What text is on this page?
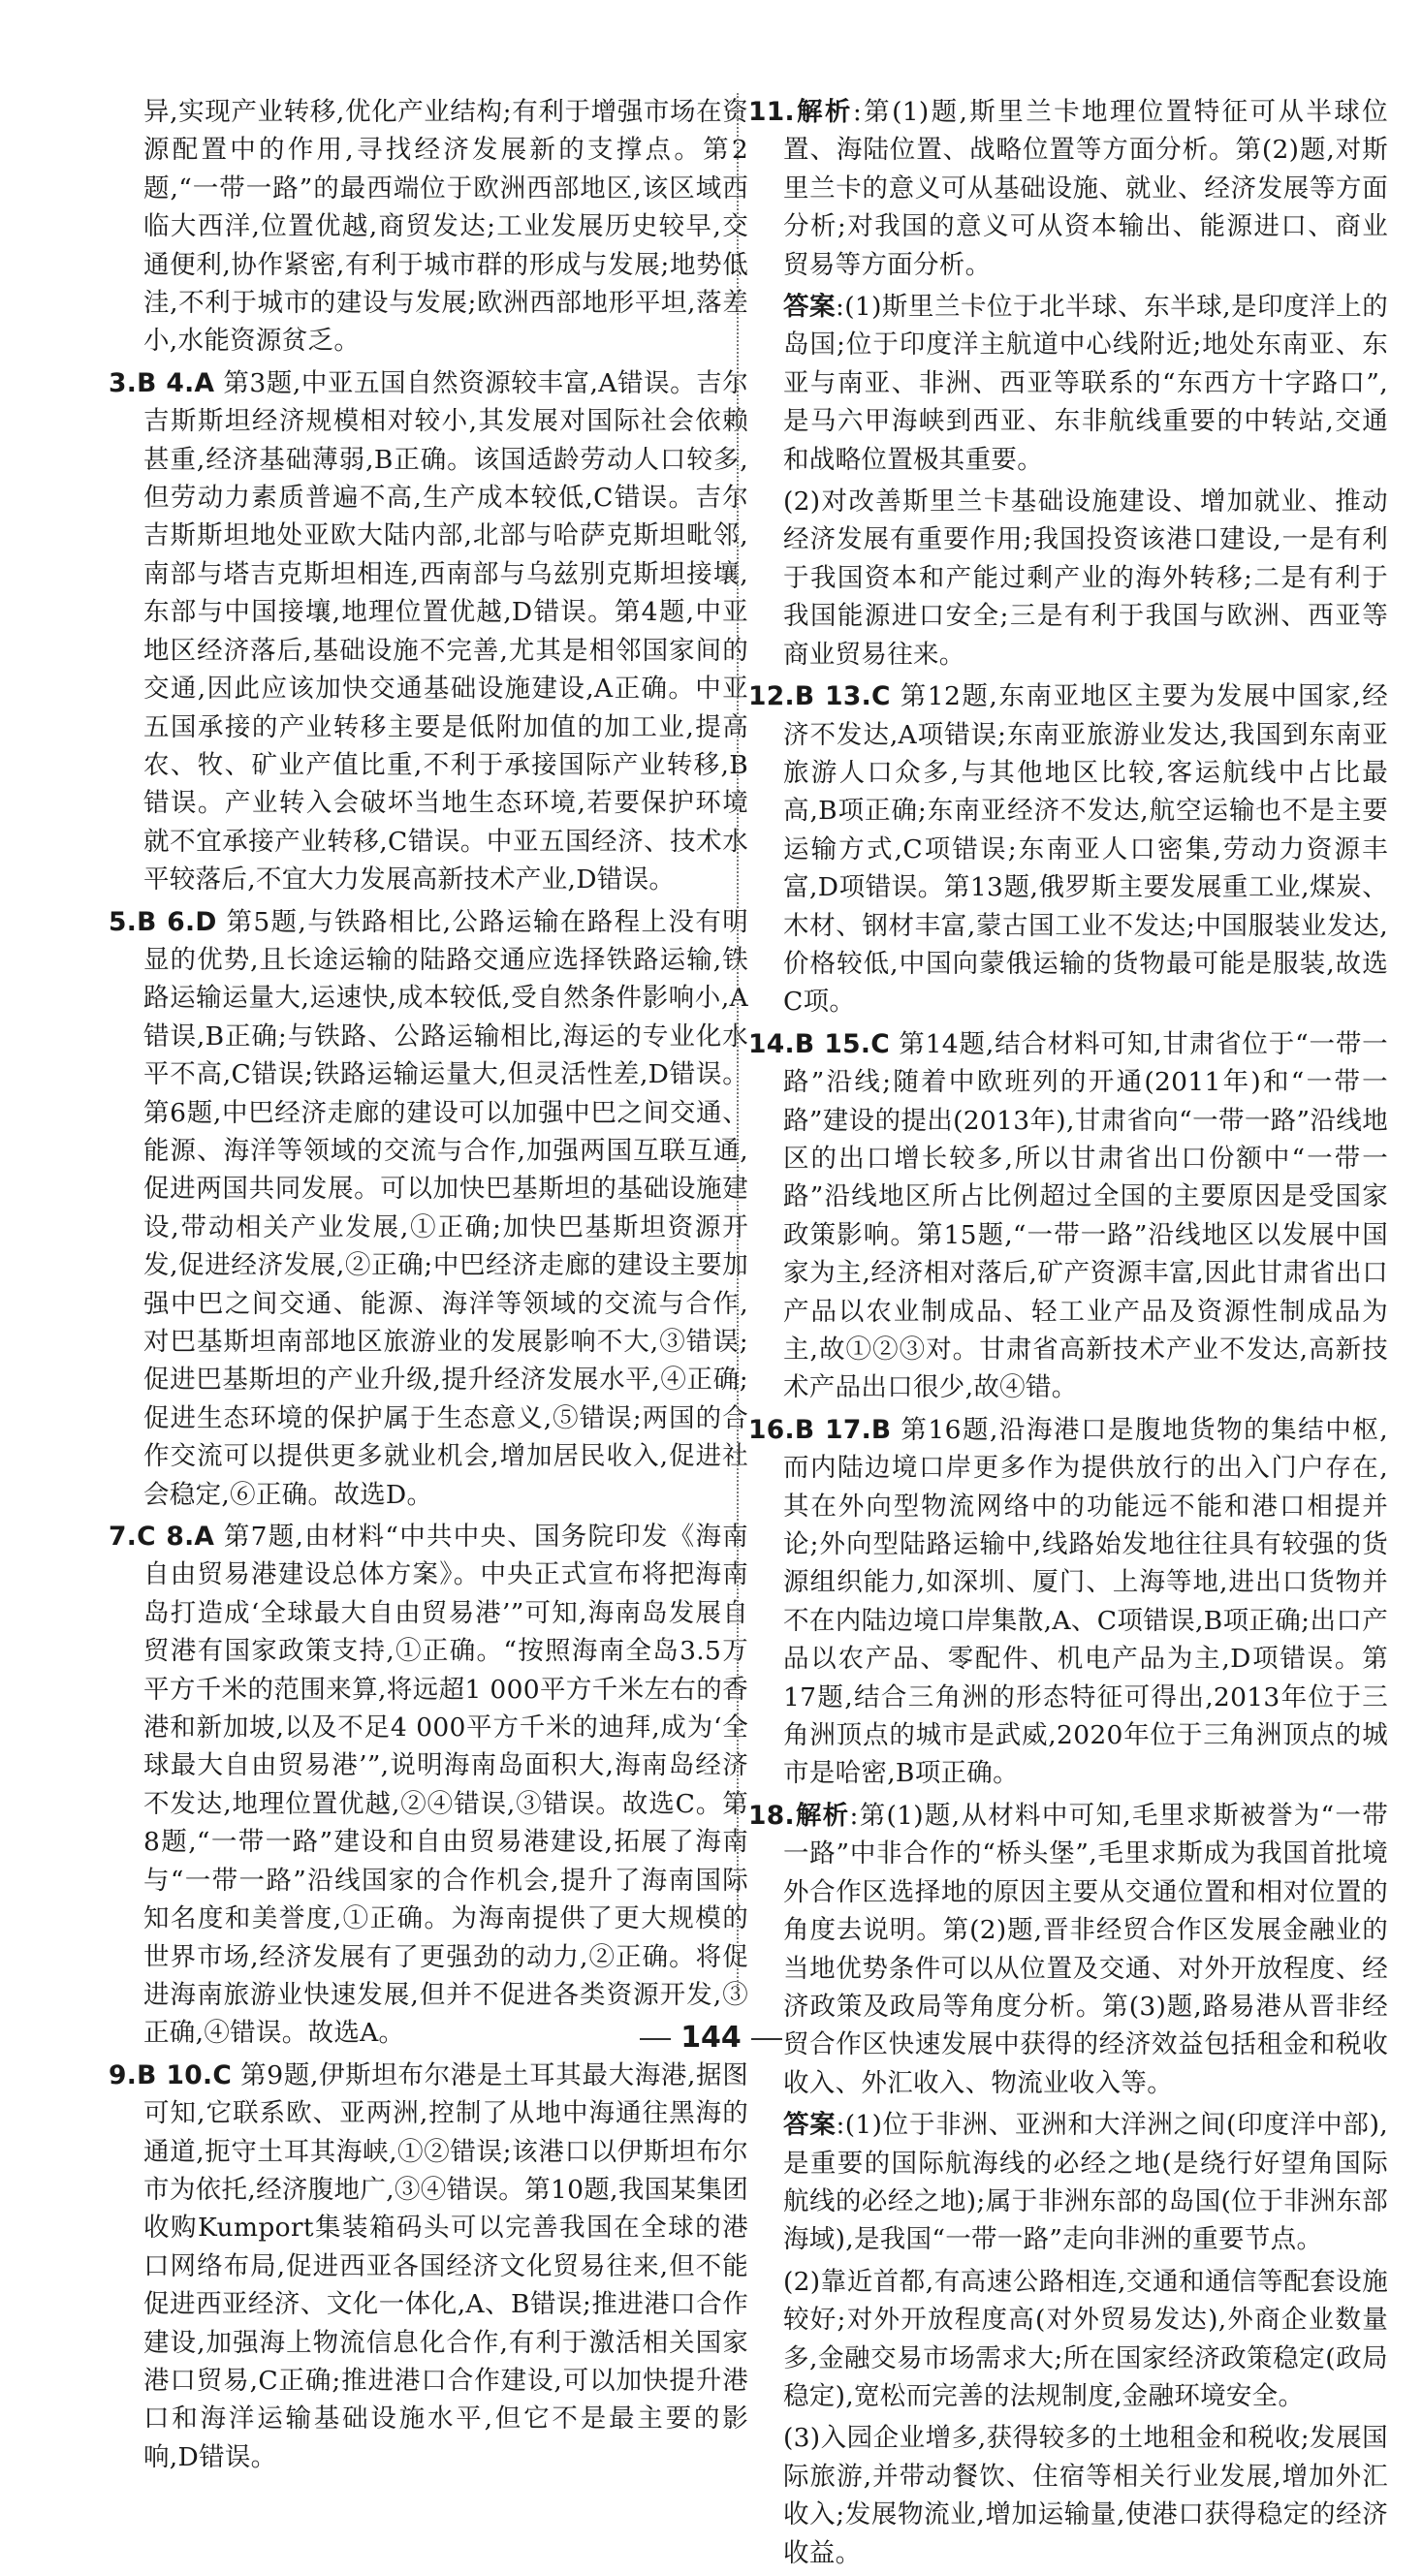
异,实现产业转移,优化产业结构;有利于增强市场在资源配置中的作用,寻找经济发展新的支撑点。第2题,“一带一路”的最西端位于欧洲西部地区,该区域西临大西洋,位置优越,商贸发达;工业发展历史较早,交通便利,协作紧密,有利于城市群的形成与发展;地势低洼,不利于城市的建设与发展;欧洲西部地形平坦,落差小,水能资源贫乏。

3.B 4.A 第3题,中亚五国自然资源较丰富,A错误。吉尔吉斯斯坦经济规模相对较小,其发展对国际社会依赖甚重,经济基础薄弱,B正确。该国适龄劳动人口较多,但劳动力素质普遍不高,生产成本较低,C错误。吉尔吉斯斯坦地处亚欧大陆内部,北部与哈萨克斯坦毗邻,南部与塔吉克斯坦相连,西南部与乌兹别克斯坦接壤,东部与中国接壤,地理位置优越,D错误。第4题,中亚地区经济落后,基础设施不完善,尤其是相邻国家间的交通,因此应该加快交通基础设施建设,A正确。中亚五国承接的产业转移主要是低附加值的加工业,提高农、牧、矿业产值比重,不利于承接国际产业转移,B错误。产业转入会破坏当地生态环境,若要保护环境就不宜承接产业转移,C错误。中亚五国经济、技术水平较落后,不宜大力发展高新技术产业,D错误。

5.B 6.D 第5题,与铁路相比,公路运输在路程上没有明显的优势,且长途运输的陆路交通应选择铁路运输,铁路运输运量大,运速快,成本较低,受自然条件影响小,A错误,B正确;与铁路、公路运输相比,海运的专业化水平不高,C错误;铁路运输运量大,但灵活性差,D错误。第6题,中巴经济走廊的建设可以加强中巴之间交通、能源、海洋等领域的交流与合作,加强两国互联互通,促进两国共同发展。可以加快巴基斯坦的基础设施建设,带动相关产业发展,①正确;加快巴基斯坦资源开发,促进经济发展,②正确;中巴经济走廊的建设主要加强中巴之间交通、能源、海洋等领域的交流与合作,对巴基斯坦南部地区旅游业的发展影响不大,③错误;促进巴基斯坦的产业升级,提升经济发展水平,④正确;促进生态环境的保护属于生态意义,⑤错误;两国的合作交流可以提供更多就业机会,增加居民收入,促进社会稳定,⑥正确。故选D。

7.C 8.A 第7题,由材料“中共中央、国务院印发《海南自由贸易港建设总体方案》。中央正式宣布将把海南岛打造成‘全球最大自由贸易港’”可知,海南岛发展自贸港有国家政策支持,①正确。“按照海南全岛3.5万平方千米的范围来算,将远超1 000平方千米左右的香港和新加坡,以及不足4 000平方千米的迪拜,成为‘全球最大自由贸易港’”,说明海南岛面积大,海南岛经济不发达,地理位置优越,②④错误,③错误。故选C。第8题,“一带一路”建设和自由贸易港建设,拓展了海南与“一带一路”沿线国家的合作机会,提升了海南国际知名度和美誉度,①正确。为海南提供了更大规模的世界市场,经济发展有了更强劲的动力,②正确。将促进海南旅游业快速发展,但并不促进各类资源开发,③正确,④错误。故选A。

9.B 10.C 第9题,伊斯坦布尔港是土耳其最大海港,据图可知,它联系欧、亚两洲,控制了从地中海通往黑海的通道,扼守土耳其海峡,①②错误;该港口以伊斯坦布尔市为依托,经济腹地广,③④错误。第10题,我国某集团收购Kumport集装箱码头可以完善我国在全球的港口网络布局,促进西亚各国经济文化贸易往来,但不能促进西亚经济、文化一体化,A、B错误;推进港口合作建设,加强海上物流信息化合作,有利于激活相关国家港口贸易,C正确;推进港口合作建设,可以加快提升港口和海洋运输基础设施水平,但它不是最主要的影响,D错误。

11.解析:第(1)题,斯里兰卡地理位置特征可从半球位置、海陆位置、战略位置等方面分析。第(2)题,对斯里兰卡的意义可从基础设施、就业、经济发展等方面分析;对我国的意义可从资本输出、能源进口、商业贸易等方面分析。

答案:(1)斯里兰卡位于北半球、东半球,是印度洋上的岛国;位于印度洋主航道中心线附近;地处东南亚、东亚与南亚、非洲、西亚等联系的“东西方十字路口”,是马六甲海峡到西亚、东非航线重要的中转站,交通和战略位置极其重要。

(2)对改善斯里兰卡基础设施建设、增加就业、推动经济发展有重要作用;我国投资该港口建设,一是有利于我国资本和产能过剩产业的海外转移;二是有利于我国能源进口安全;三是有利于我国与欧洲、西亚等商业贸易往来。

12.B 13.C 第12题,东南亚地区主要为发展中国家,经济不发达,A项错误;东南亚旅游业发达,我国到东南亚旅游人口众多,与其他地区比较,客运航线中占比最高,B项正确;东南亚经济不发达,航空运输也不是主要运输方式,C项错误;东南亚人口密集,劳动力资源丰富,D项错误。第13题,俄罗斯主要发展重工业,煤炭、木材、钢材丰富,蒙古国工业不发达;中国服装业发达,价格较低,中国向蒙俄运输的货物最可能是服装,故选C项。

14.B 15.C 第14题,结合材料可知,甘肃省位于“一带一路”沿线;随着中欧班列的开通(2011年)和“一带一路”建设的提出(2013年),甘肃省向“一带一路”沿线地区的出口增长较多,所以甘肃省出口份额中“一带一路”沿线地区所占比例超过全国的主要原因是受国家政策影响。第15题,“一带一路”沿线地区以发展中国家为主,经济相对落后,矿产资源丰富,因此甘肃省出口产品以农业制成品、轻工业产品及资源性制成品为主,故①②③对。甘肃省高新技术产业不发达,高新技术产品出口很少,故④错。

16.B 17.B 第16题,沿海港口是腹地货物的集结中枢,而内陆边境口岸更多作为提供放行的出入门户存在,其在外向型物流网络中的功能远不能和港口相提并论;外向型陆路运输中,线路始发地往往具有较强的货源组织能力,如深圳、厦门、上海等地,进出口货物并不在内陆边境口岸集散,A、C项错误,B项正确;出口产品以农产品、零配件、机电产品为主,D项错误。第17题,结合三角洲的形态特征可得出,2013年位于三角洲顶点的城市是武威,2020年位于三角洲顶点的城市是哈密,B项正确。

18.解析:第(1)题,从材料中可知,毛里求斯被誉为“一带一路”中非合作的“桥头堡”,毛里求斯成为我国首批境外合作区选择地的原因主要从交通位置和相对位置的角度去说明。第(2)题,晋非经贸合作区发展金融业的当地优势条件可以从位置及交通、对外开放程度、经济政策及政局等角度分析。第(3)题,路易港从晋非经贸合作区快速发展中获得的经济效益包括租金和税收收入、外汇收入、物流业收入等。

答案:(1)位于非洲、亚洲和大洋洲之间(印度洋中部),是重要的国际航海线的必经之地(是绕行好望角国际航线的必经之地);属于非洲东部的岛国(位于非洲东部海域),是我国“一带一路”走向非洲的重要节点。

(2)靠近首都,有高速公路相连,交通和通信等配套设施较好;对外开放程度高(对外贸易发达),外商企业数量多,金融交易市场需求大;所在国家经济政策稳定(政局稳定),宽松而完善的法规制度,金融环境安全。

(3)入园企业增多,获得较多的土地租金和税收;发展国际旅游,并带动餐饮、住宿等相关行业发展,增加外汇收入;发展物流业,增加运输量,使港口获得稳定的经济收益。

144
